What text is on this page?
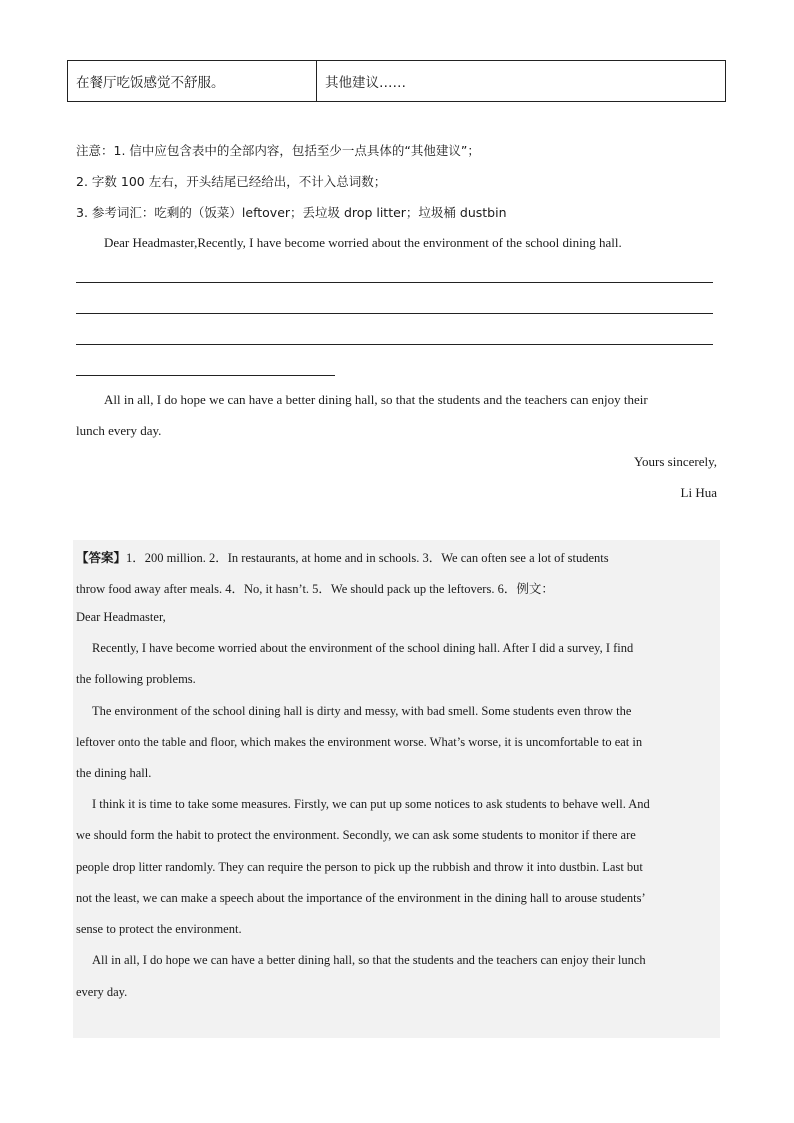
在餐厅吃饭感觉不舒服。	其他建议……
注意：1. 信中应包含表中的全部内容，包括至少一点具体的“其他建议”；
2. 字数 100 左右，开头结尾已经给出，不计入总词数；
3. 参考词汇：吃剩的（饭菜）leftover；丢垃圾 drop litter；垃圾桶 dustbin
Dear Headmaster,Recently, I have become worried about the environment of the school dining hall.
All in all, I do hope we can have a better dining hall, so that the students and the teachers can enjoy their
lunch every day.
Yours sincerely,
Li Hua
【答案】1．200 million. 2．In restaurants, at home and in schools. 3．We can often see a lot of students
throw food away after meals. 4．No, it hasn’t. 5．We should pack up the leftovers. 6．例文：
Dear Headmaster,
Recently, I have become worried about the environment of the school dining hall. After I did a survey, I find
the following problems.
The environment of the school dining hall is dirty and messy, with bad smell. Some students even throw the
leftover onto the table and floor, which makes the environment worse. What’s worse, it is uncomfortable to eat in
the dining hall.
I think it is time to take some measures. Firstly, we can put up some notices to ask students to behave well. And
we should form the habit to protect the environment. Secondly, we can ask some students to monitor if there are
people drop litter randomly. They can require the person to pick up the rubbish and throw it into dustbin. Last but
not the least, we can make a speech about the importance of the environment in the dining hall to arouse students’
sense to protect the environment.
All in all, I do hope we can have a better dining hall, so that the students and the teachers can enjoy their lunch
every day.
